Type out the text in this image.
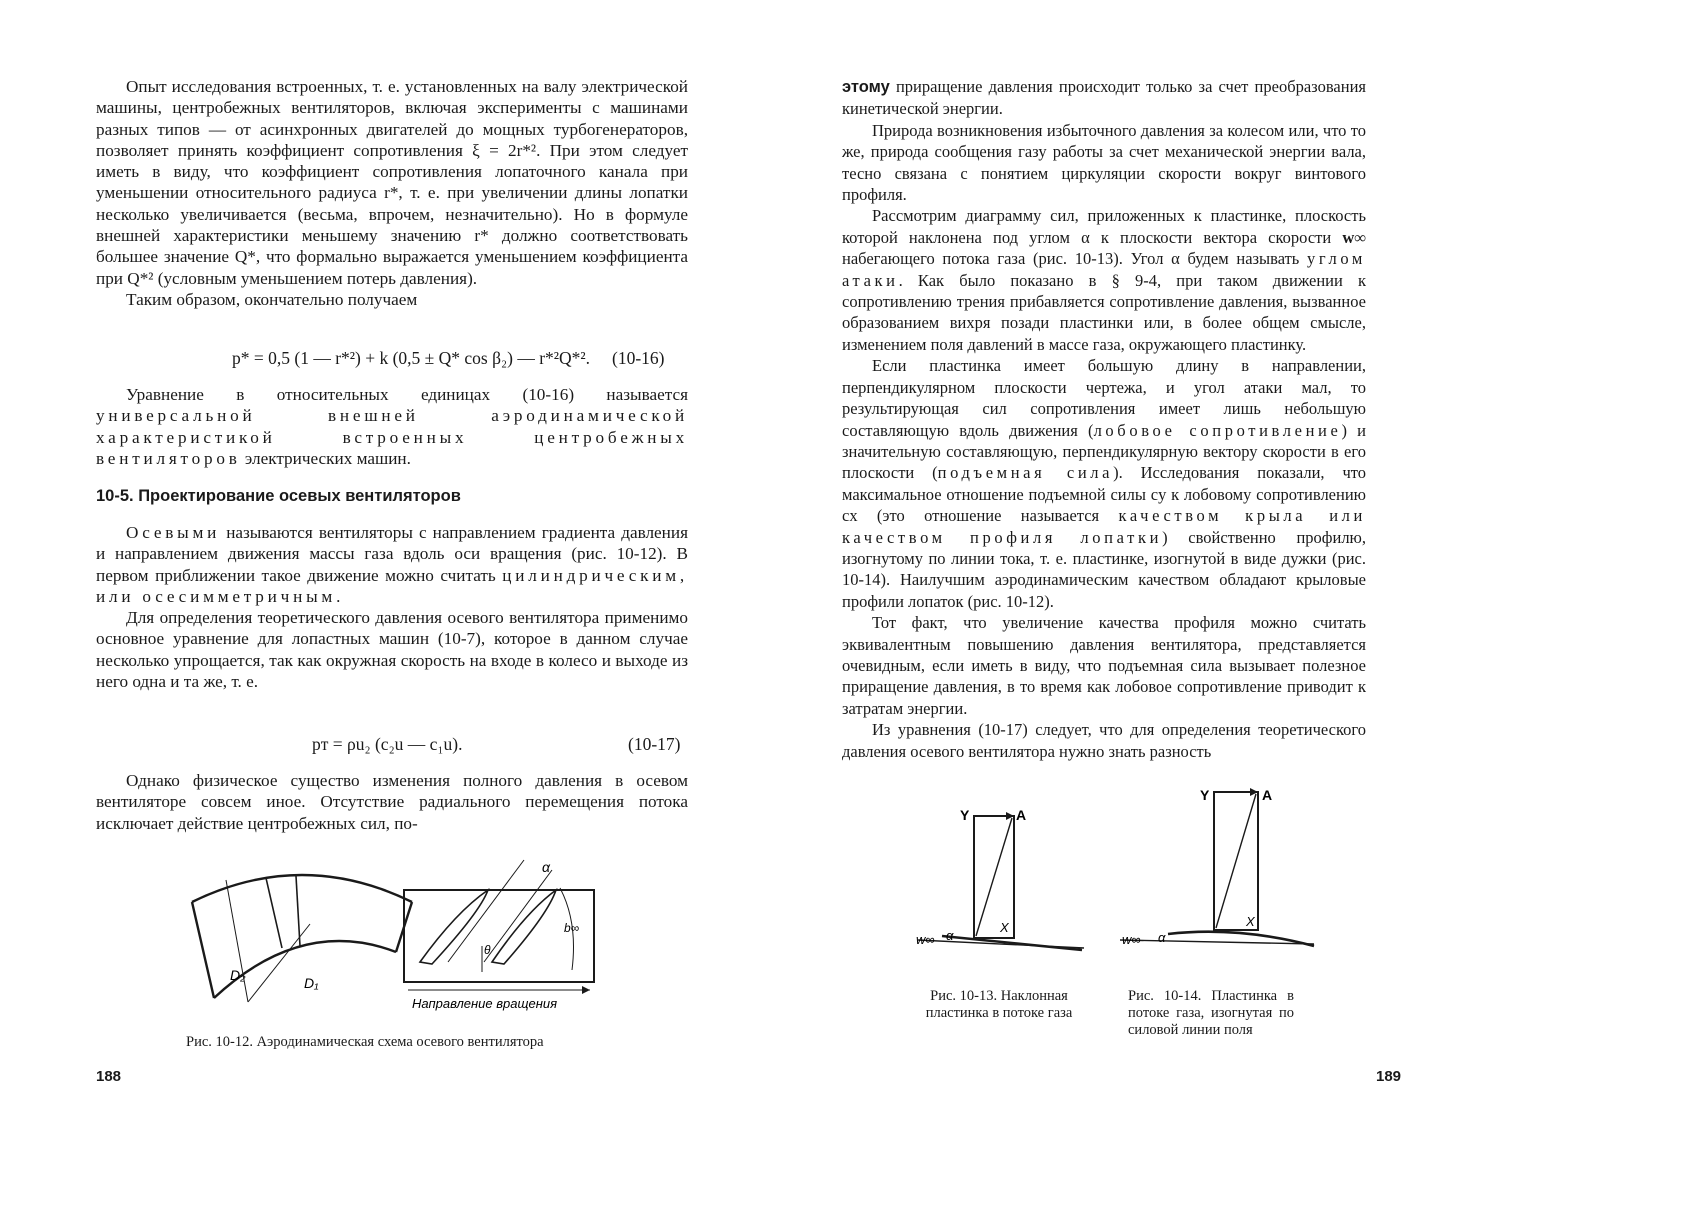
Опыт исследования встроенных, т. е. установленных на валу электрической машины, центробежных вентиляторов, включая эксперименты с машинами разных типов — от асинхронных двигателей до мощных турбогенераторов, позволяет принять коэффициент сопротивления ξ = 2r*². При этом следует иметь в виду, что коэффициент сопротивления лопаточного канала при уменьшении относительного радиуса r*, т. е. при увеличении длины лопатки несколько увеличивается (весьма, впрочем, незначительно). Но в формуле внешней характеристики меньшему значению r* должно соответствовать большее значение Q*, что формально выражается уменьшением коэффициента при Q*² (условным уменьшением потерь давления).

Таким образом, окончательно получаем

p* = 0,5 (1 — r*²) + k (0,5 ± Q* cos β₂) — r*²Q*². (10-16)

Уравнение в относительных единицах (10-16) называется универсальной внешней аэродинамической характеристикой встроенных центробежных вентиляторов электрических машин.

10-5. Проектирование осевых вентиляторов

Осевыми называются вентиляторы с направлением градиента давления и направлением движения массы газа вдоль оси вращения (рис. 10-12). В первом приближении такое движение можно считать цилиндрическим, или осесимметричным.

Для определения теоретического давления осевого вентилятора применимо основное уравнение для лопастных машин (10-7), которое в данном случае несколько упрощается, так как окружная скорость на входе в колесо и выходе из него одна и та же, т. е.

pт = ρu₂ (c₂u — c₁u).	(10-17)

Однако физическое существо изменения полного давления в осевом вентиляторе совсем иное. Отсутствие радиального перемещения потока исключает действие центробежных сил, по-

D₂	D₁
α
θ
b∞
Направление вращения
Рис. 10-12. Аэродинамическая схема осевого вентилятора
188

этому приращение давления происходит только за счет преобразования кинетической энергии.

Природа возникновения избыточного давления за колесом или, что то же, природа сообщения газу работы за счет механической энергии вала, тесно связана с понятием циркуляции скорости вокруг винтового профиля.

Рассмотрим диаграмму сил, приложенных к пластинке, плоскость которой наклонена под углом α к плоскости вектора скорости w∞ набегающего потока газа (рис. 10-13). Угол α будем называть углом атаки. Как было показано в § 9-4, при таком движении к сопротивлению трения прибавляется сопротивление давления, вызванное образованием вихря позади пластинки или, в более общем смысле, изменением поля давлений в массе газа, окружающего пластинку.

Если пластинка имеет большую длину в направлении, перпендикулярном плоскости чертежа, и угол атаки мал, то результирующая сил сопротивления имеет лишь небольшую составляющую вдоль движения (лобовое сопротивление) и значительную составляющую, перпендикулярную вектору скорости в его плоскости (подъемная сила). Исследования показали, что максимальное отношение подъемной силы cy к лобовому сопротивлению cx (это отношение называется качеством крыла или качеством профиля лопатки) свойственно профилю, изогнутому по линии тока, т. е. пластинке, изогнутой в виде дужки (рис. 10-14). Наилучшим аэродинамическим качеством обладают крыловые профили лопаток (рис. 10-12).

Тот факт, что увеличение качества профиля можно считать эквивалентным повышению давления вентилятора, представляется очевидным, если иметь в виду, что подъемная сила вызывает полезное приращение давления, в то время как лобовое сопротивление приводит к затратам энергии.

Из уравнения (10-17) следует, что для определения теоретического давления осевого вентилятора нужно знать разность

Y	A
X
w∞ α
Рис. 10-13. Наклонная пластинка в потоке газа
Y	A
X
w∞ α
Рис. 10-14. Пластинка в потоке газа, изогнутая по силовой линии поля
189
